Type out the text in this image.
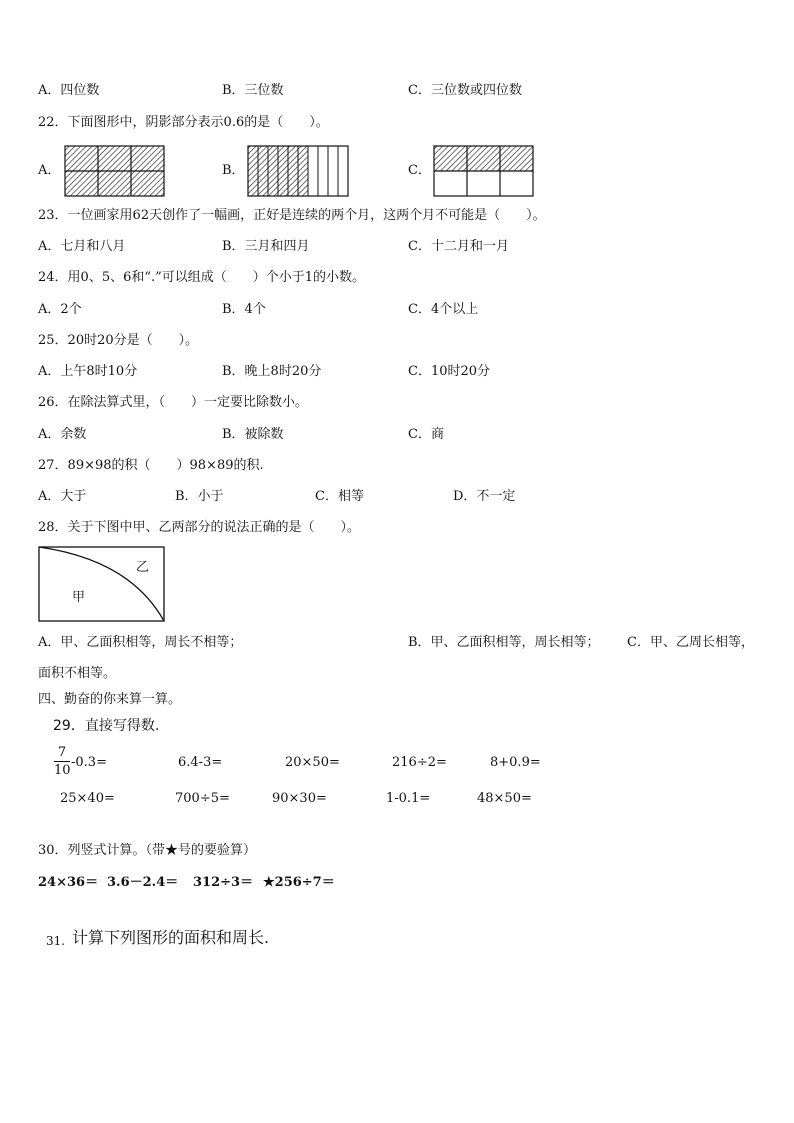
A．四位数	B．三位数	C．三位数或四位数
22．下面图形中，阴影部分表示0.6的是（　　）。
A．	B．	C．
23．一位画家用62天创作了一幅画，正好是连续的两个月，这两个月不可能是（　　）。
A．七月和八月	B．三月和四月	C．十二月和一月
24．用0、5、6和“.”可以组成（　　）个小于1的小数。
A．2个	B．4个	C．4个以上
25．20时20分是（　　）。
A．上午8时10分	B．晚上8时20分	C．10时20分
26．在除法算式里，（　　）一定要比除数小。
A．余数	B．被除数	C．商
27．89×98的积（　　）98×89的积.
A．大于	B．小于	C．相等	D．不一定
28．关于下图中甲、乙两部分的说法正确的是（　　）。
乙
甲
A．甲、乙面积相等，周长不相等；	B．甲、乙面积相等，周长相等； C．甲、乙周长相等，
面积不相等。
四、勤奋的你来算一算。
29．直接写得数.
7
10
-0.3=	6.4-3=	20×50=	216÷2=	8+0.9=
25×40=	700÷5=	90×30=	1-0.1=	48×50=
30．列竖式计算。（带★号的要验算）
24×36＝ 3.6－2.4＝ 312÷3＝ ★256÷7＝
31. 计算下列图形的面积和周长.
